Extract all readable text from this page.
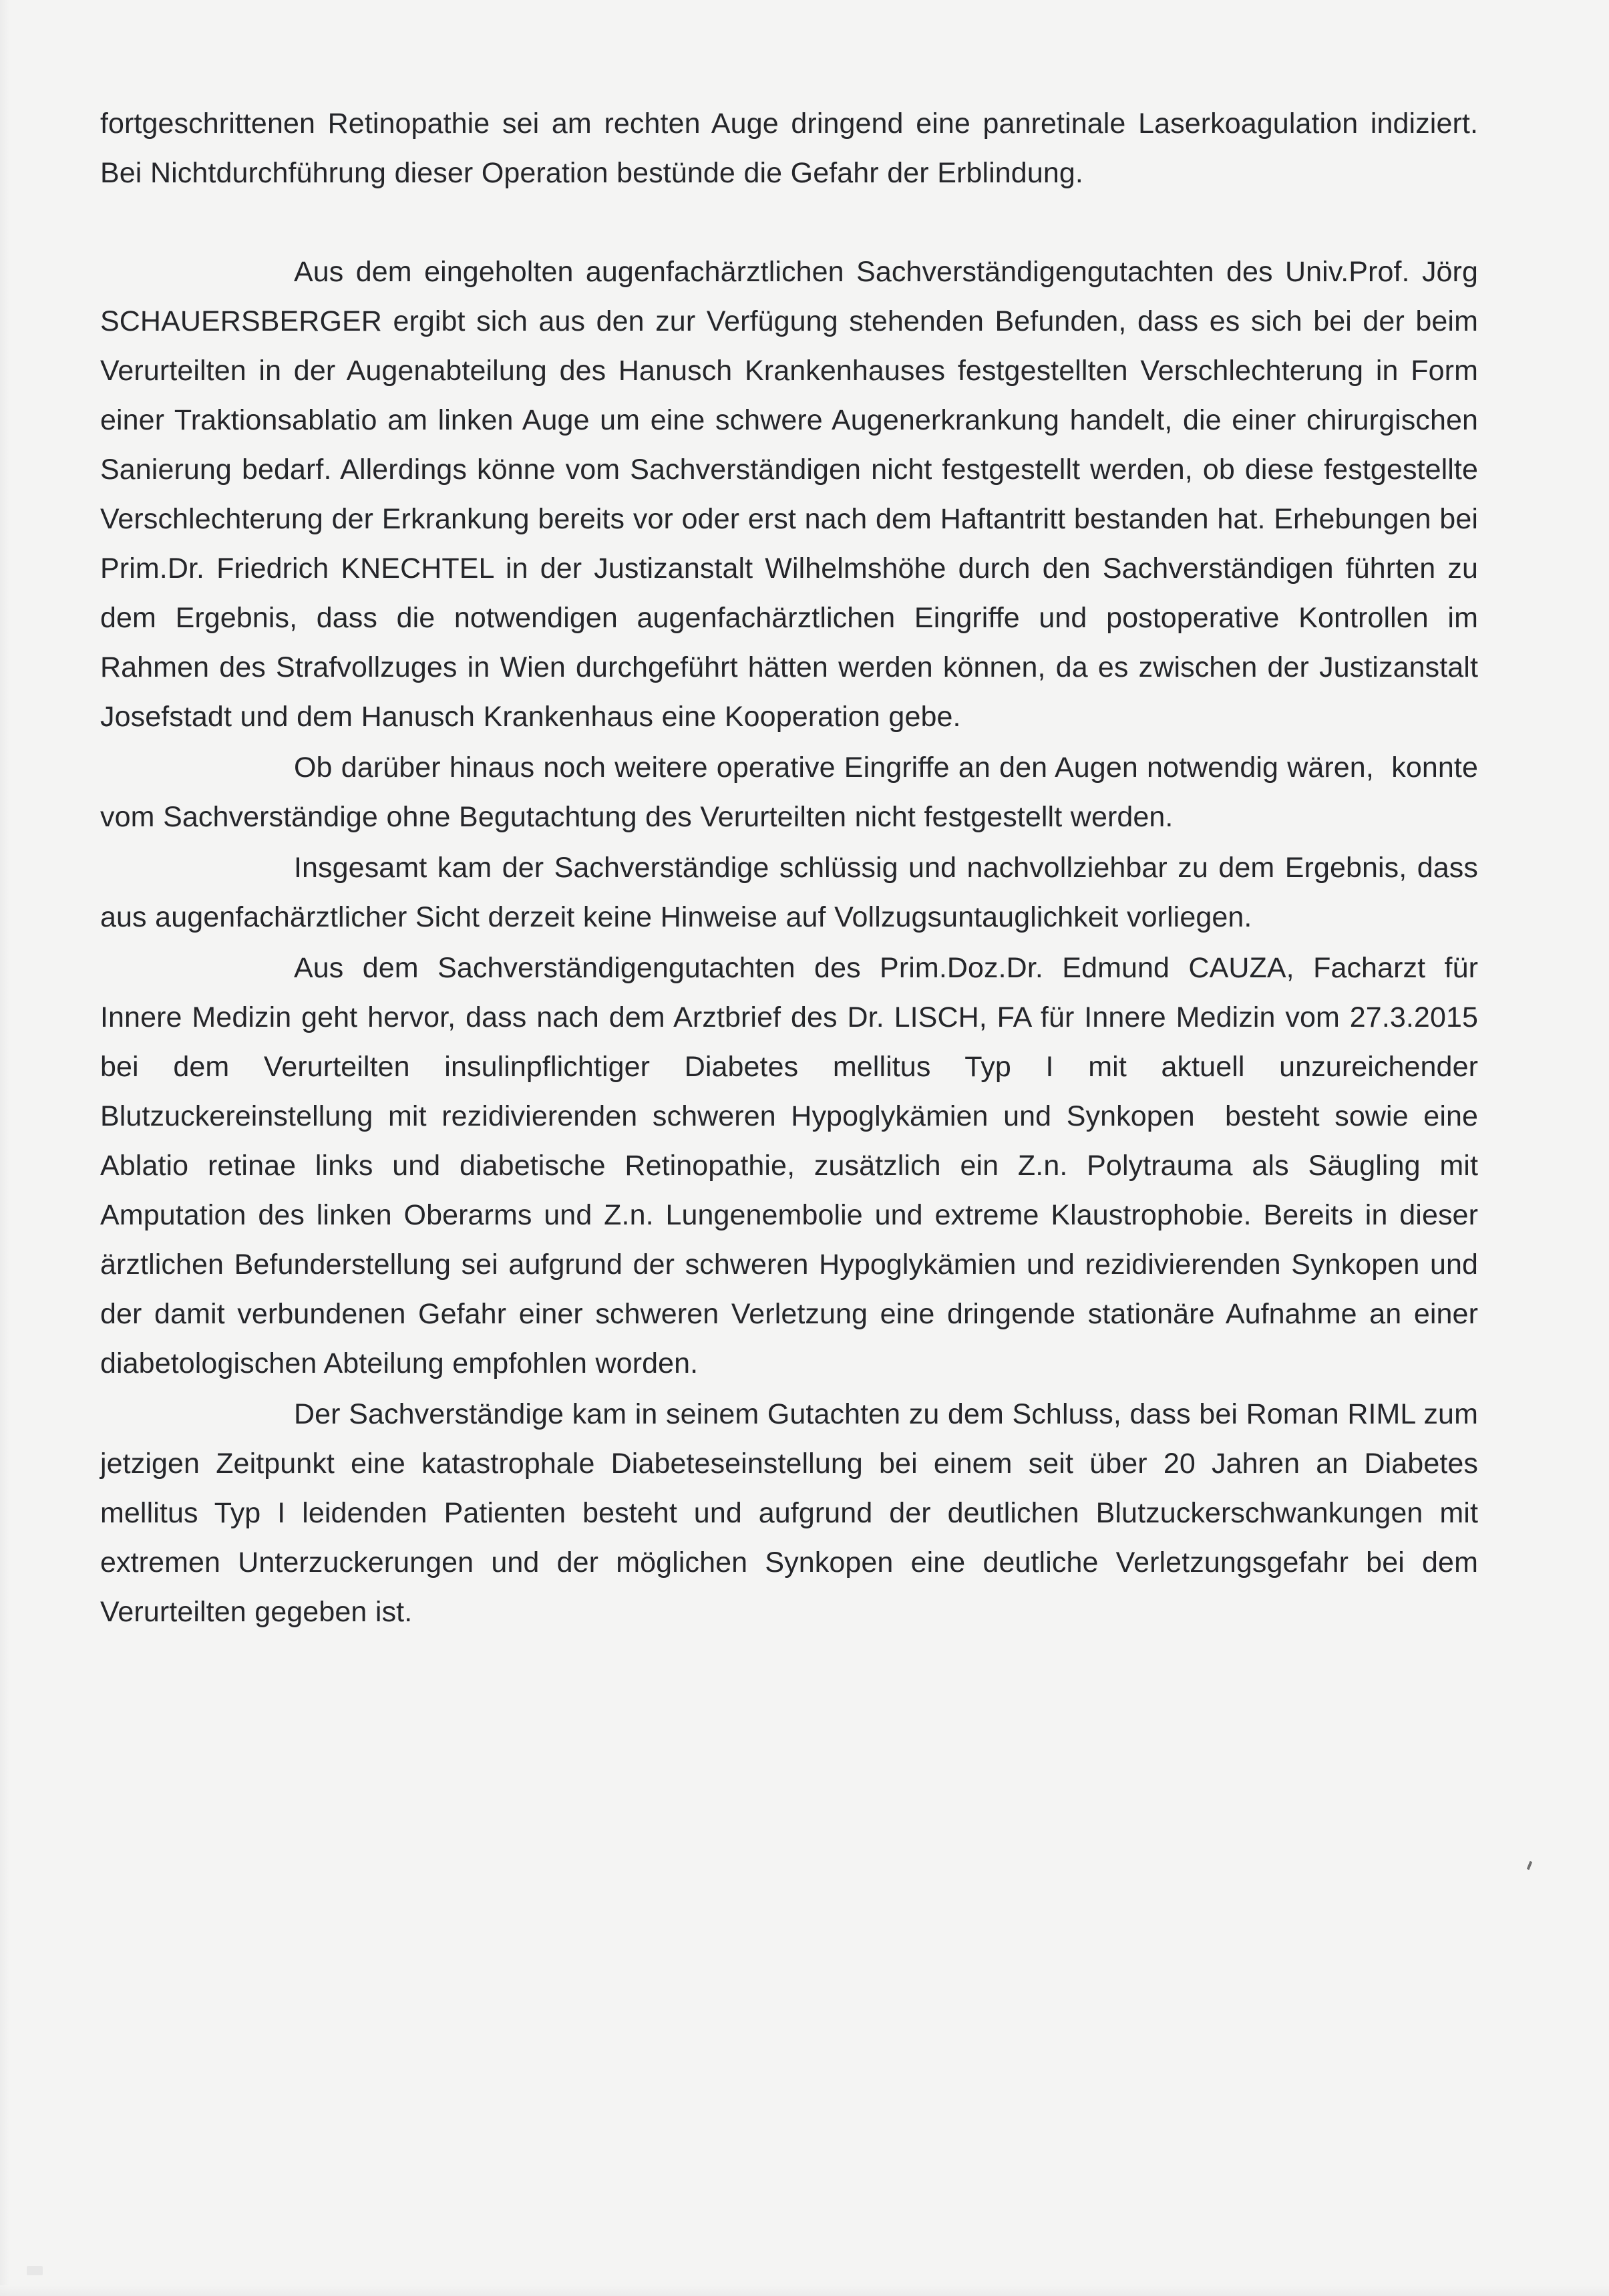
fortgeschrittenen Retinopathie sei am rechten Auge dringend eine panretinale Laserkoagulation indiziert. Bei Nichtdurchführung dieser Operation bestünde die Gefahr der Erblindung.

Aus dem eingeholten augenfachärztlichen Sachverständigengutachten des Univ.Prof. Jörg SCHAUERSBERGER ergibt sich aus den zur Verfügung stehenden Befunden, dass es sich bei der beim Verurteilten in der Augenabteilung des Hanusch Krankenhauses festgestellten Verschlechterung in Form einer Traktionsablatio am linken Auge um eine schwere Augenerkrankung handelt, die einer chirurgischen Sanierung bedarf. Allerdings könne vom Sachverständigen nicht festgestellt werden, ob diese festgestellte Verschlechterung der Erkrankung bereits vor oder erst nach dem Haftantritt bestanden hat. Erhebungen bei Prim.Dr. Friedrich KNECHTEL in der Justizanstalt Wilhelmshöhe durch den Sachverständigen führten zu dem Ergebnis, dass die notwendigen augenfachärztlichen Eingriffe und postoperative Kontrollen im Rahmen des Strafvollzuges in Wien durchgeführt hätten werden können, da es zwischen der Justizanstalt Josefstadt und dem Hanusch Krankenhaus eine Kooperation gebe.

Ob darüber hinaus noch weitere operative Eingriffe an den Augen notwendig wären,  konnte vom Sachverständige ohne Begutachtung des Verurteilten nicht festgestellt werden.

Insgesamt kam der Sachverständige schlüssig und nachvollziehbar zu dem Ergebnis, dass aus augenfachärztlicher Sicht derzeit keine Hinweise auf Vollzugsuntauglichkeit vorliegen.

Aus dem Sachverständigengutachten des Prim.Doz.Dr. Edmund CAUZA, Facharzt für Innere Medizin geht hervor, dass nach dem Arztbrief des Dr. LISCH, FA für Innere Medizin vom 27.3.2015 bei dem Verurteilten insulinpflichtiger Diabetes mellitus Typ I mit aktuell unzureichender Blutzuckereinstellung mit rezidivierenden schweren Hypoglykämien und Synkopen  besteht sowie eine Ablatio retinae links und diabetische Retinopathie, zusätzlich ein Z.n. Polytrauma als Säugling mit Amputation des linken Oberarms und Z.n. Lungenembolie und extreme Klaustrophobie. Bereits in dieser ärztlichen Befunderstellung sei aufgrund der schweren Hypoglykämien und rezidivierenden Synkopen und der damit verbundenen Gefahr einer schweren Verletzung eine dringende stationäre Aufnahme an einer diabetologischen Abteilung empfohlen worden.

Der Sachverständige kam in seinem Gutachten zu dem Schluss, dass bei Roman RIML zum jetzigen Zeitpunkt eine katastrophale Diabeteseinstellung bei einem seit über 20 Jahren an Diabetes mellitus Typ I leidenden Patienten besteht und aufgrund der deutlichen Blutzuckerschwankungen mit extremen Unterzuckerungen und der möglichen Synkopen eine deutliche Verletzungsgefahr bei dem Verurteilten gegeben ist.
